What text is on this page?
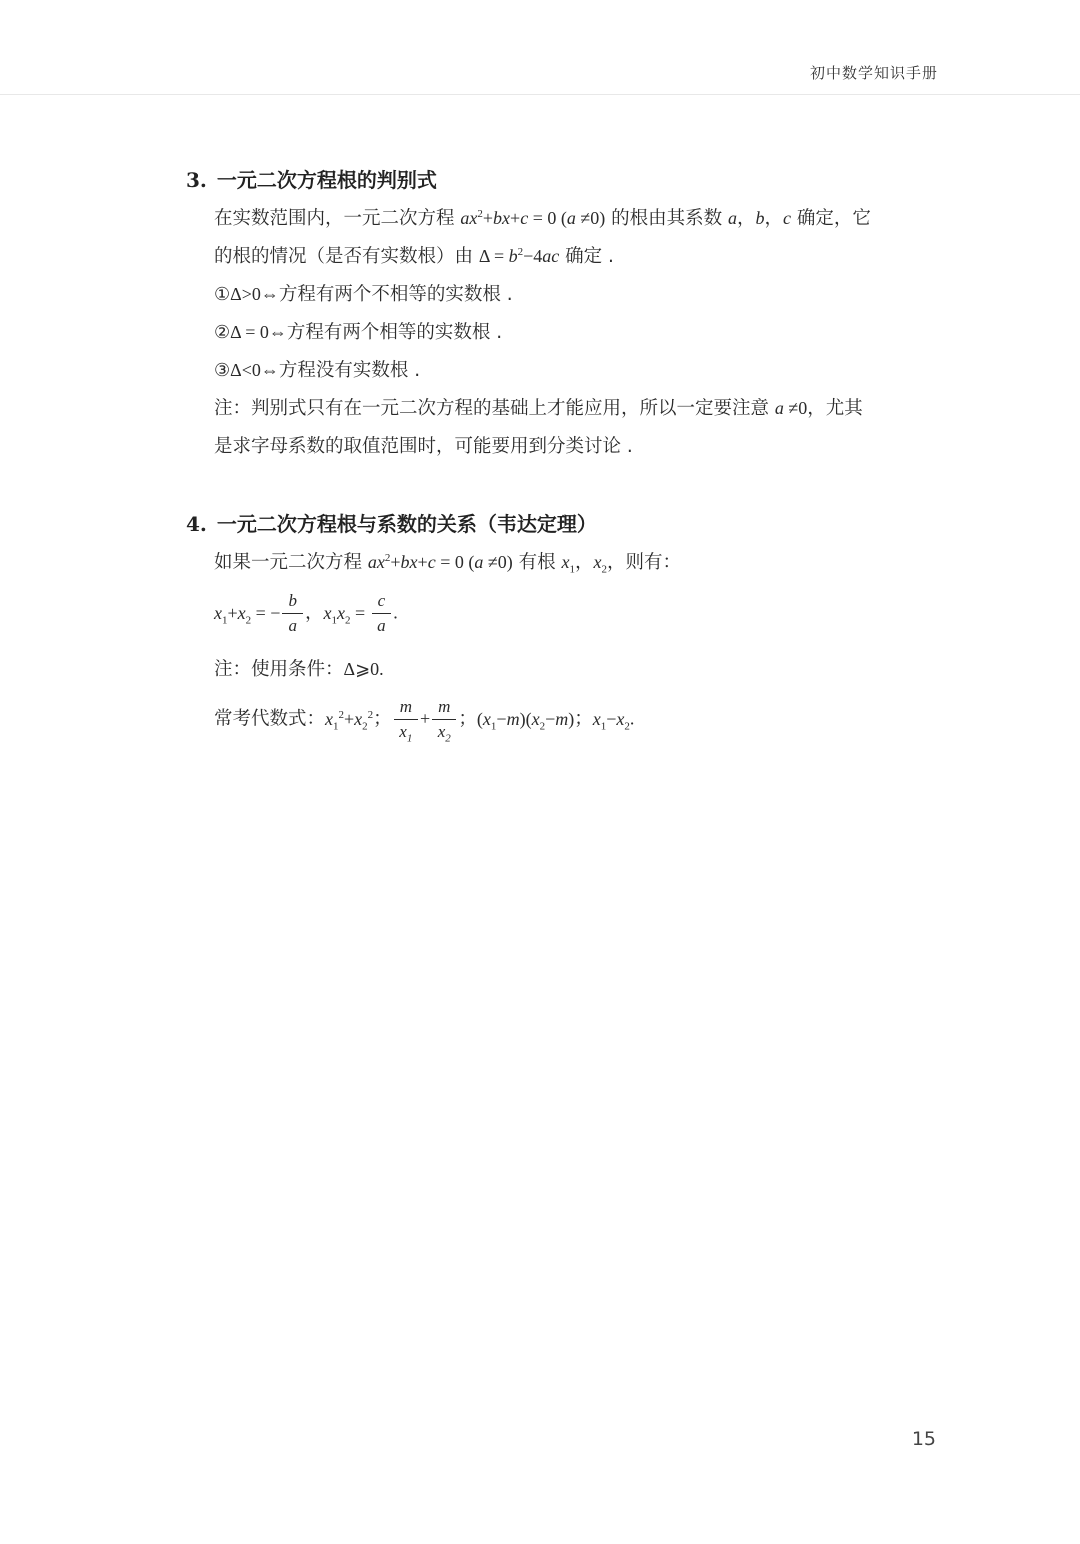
初中数学知识手册
3. 一元二次方程根的判别式
在实数范围内，一元二次方程 $ax^2+bx+c = 0$ (a ≠0) 的根由其系数 a，b，c 确定，它
的根的情况（是否有实数根）由 $\Delta = b^2-4ac$ 确定 .
①Δ>0⇔方程有两个不相等的实数根 .
②Δ = 0⇔方程有两个相等的实数根 .
③Δ<0⇔方程没有实数根 .
注：判别式只有在一元二次方程的基础上才能应用，所以一定要注意 a ≠0，尤其
是求字母系数的取值范围时，可能要用到分类讨论 .
4. 一元二次方程根与系数的关系（韦达定理）
如果一元二次方程 $ax^2+bx+c = 0$ (a ≠0) 有根 $x_1$，$x_2$，则有：
$x_1+x_2$ = − $\frac{b}{a}$ ，$x_1x_2 = \frac{c}{a}$ .
注：使用条件：Δ⩾0.
常考代数式：$x_1^2+x_2^2$； $\frac{m}{x_1} + \frac{m}{x_2}$ ；$(x_1-m)(x_2-m)$；$x_1-x_2$.
15
